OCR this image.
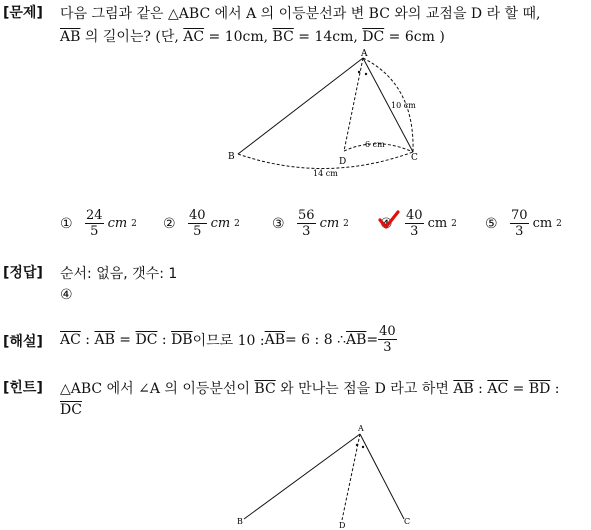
[문제] 다음 그림과 같은 △ABC 에서 A 의 이등분선과 변 BC 와의 교점을 D 라 할 때,
$\overline{AB}$ 의 길이는? (단, $\overline{AC} = 10cm$, $\overline{BC} = 14cm$, $\overline{DC} = 6cm$ )
A
B	C
D
10 cm
6 cm
14 cm
①
$\frac{24}{5}$ cm 2 ②
$\frac{40}{5}$ cm 2 ③
$\frac{56}{3}$ cm 2 ④
$\frac{40}{3}$ cm 2 ⑤
$\frac{70}{3}$ cm 2
[정답] 순서: 없음, 갯수: 1
④
[해설] $\overline{AC}$ : $\overline{AB} = \overline{DC}$ : $\overline{DB}$ 이므로 10 : $\overline{AB} = 6$ : 8 ∴ $\overline{AB} = \frac{40}{3}$
[힌트] △ABC 에서 ∠A 의 이등분선이 $\overline{BC}$ 와 만나는 점을 D 라고 하면 $\overline{AB}$ : $\overline{AC} = \overline{BD}$ :
$\overline{DC}$
A
B	C
D
